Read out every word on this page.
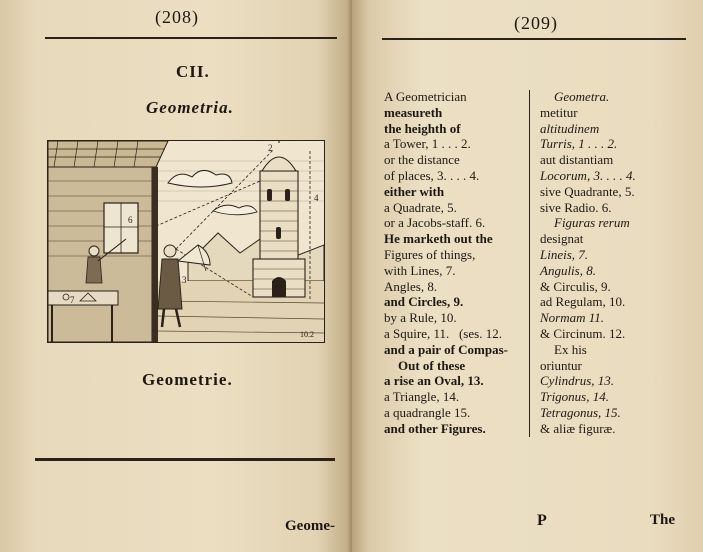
(208)
CII.
Geometria.
2
4
3
6
7
10.2
Geometrie.
Geome-
(209)
A Geometrician
measureth
the heighth of
a Tower, 1 . . . 2.
or the distance
of places, 3. . . . 4.
either with
a Quadrate, 5.
or a Jacobs-staff. 6.
He marketh out the
Figures of things,
with Lines, 7.
Angles, 8.
and Circles, 9.
by a Rule, 10.
a Squire, 11.   (ses. 12.
and a pair of Compas-
Out of these
a rise an Oval, 13.
a Triangle, 14.
a quadrangle 15.
and other Figures.
Geometra.
metitur
altitudinem
Turris, 1 . . . 2.
aut distantiam
Locorum, 3. . . . 4.
sive Quadrante, 5.
sive Radio. 6.
Figuras rerum
designat
Lineis, 7.
Angulis, 8.
& Circulis, 9.
ad Regulam, 10.
Normam 11.
& Circinum. 12.
Ex his
oriuntur
Cylindrus, 13.
Trigonus, 14.
Tetragonus, 15.
& aliæ figuræ.
P	The
